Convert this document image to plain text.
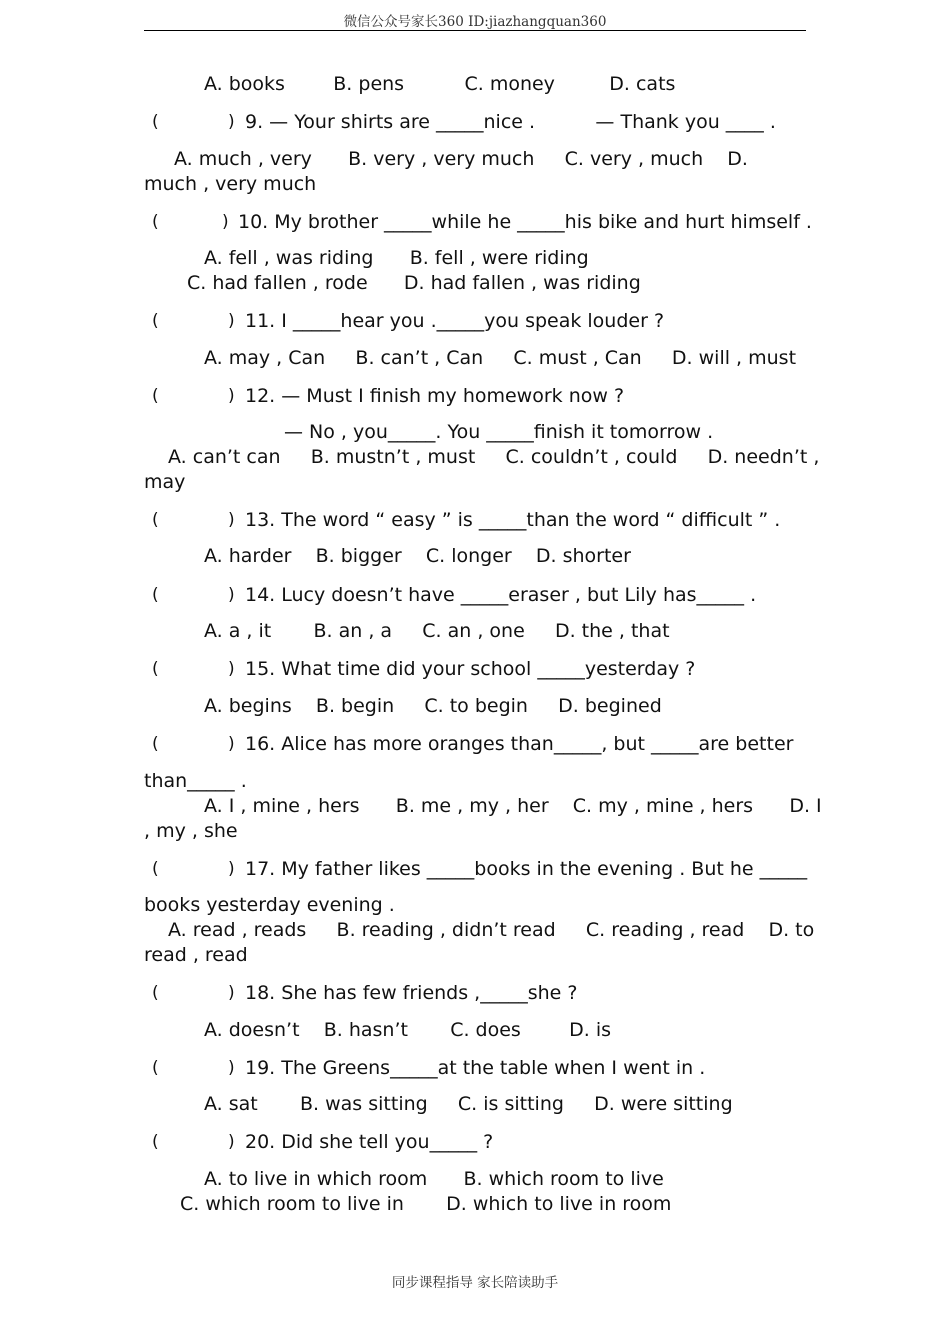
微信公众号家长360 ID:jiazhangquan360
A. books        B. pens          C. money         D. cats
(	) 9. — Your shirts are _____nice .          — Thank you ____ .
A. much , very      B. very , very much     C. very , much    D.
much , very much
(	) 10. My brother _____while he _____his bike and hurt himself .
A. fell , was riding      B. fell , were riding
C. had fallen , rode      D. had fallen , was riding
(	) 11. I _____hear you ._____you speak louder ?
A. may , Can     B. can’t , Can     C. must , Can     D. will , must
(	) 12. — Must I finish my homework now ?
— No , you_____. You _____finish it tomorrow .
A. can’t can     B. mustn’t , must     C. couldn’t , could     D. needn’t ,
may
(	) 13. The word “ easy ” is _____than the word “ difficult ” .
A. harder    B. bigger    C. longer    D. shorter
(	) 14. Lucy doesn’t have _____eraser , but Lily has_____ .
A. a , it       B. an , a     C. an , one     D. the , that
(	) 15. What time did your school _____yesterday ?
A. begins    B. begin     C. to begin     D. begined
(	) 16. Alice has more oranges than_____, but _____are better
than_____ .
A. I , mine , hers      B. me , my , her    C. my , mine , hers      D. I
, my , she
(	) 17. My father likes _____books in the evening . But he _____
books yesterday evening .
A. read , reads     B. reading , didn’t read     C. reading , read    D. to
read , read
(	) 18. She has few friends ,_____she ?
A. doesn’t    B. hasn’t       C. does        D. is
(	) 19. The Greens_____at the table when I went in .
A. sat       B. was sitting     C. is sitting     D. were sitting
(	) 20. Did she tell you_____ ?
A. to live in which room      B. which room to live
C. which room to live in       D. which to live in room
同步课程指导 家长陪读助手
